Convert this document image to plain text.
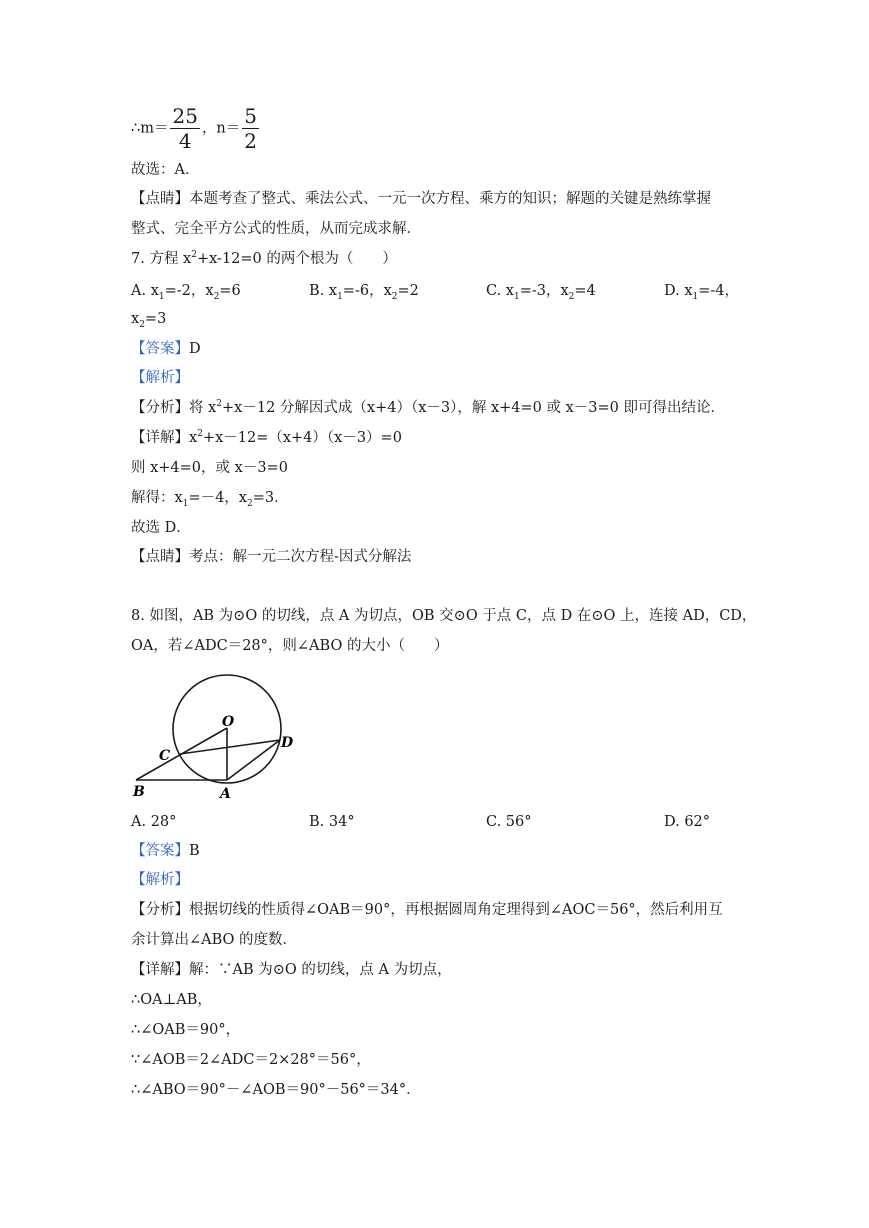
∴m＝ $\frac{25}{4}$ ，$n= \frac{5}{2}$
故选：A．
【点睛】本题考查了整式、乘法公式、一元一次方程、乘方的知识；解题的关键是熟练掌握
整式、完全平方公式的性质，从而完成求解．
7. 方程 $x^2+x-12=0$ 的两个根为（　　）
A. $x_1=-2$，$x_2=6$	B. $x_1=-6$，$x_2=2$	C. $x_1=-3$，$x_2=4$	D. $x_1=-4$，
$x_2=3$
【答案】D
【解析】
【分析】将 $x^2+x-12$ 分解因式成（x+4）（x－3），解 x+4=0 或 x－3=0 即可得出结论．
【详解】$x^2+x-12=(x+4)(x-3)=0$
则 x+4=0，或 x－3=0
解得：$x_1=-4$，$x_2=3$．
故选 D．
【点睛】考点：解一元二次方程-因式分解法
8. 如图，AB 为⊙O 的切线，点 A 为切点，OB 交⊙O 于点 C，点 D 在⊙O 上，连接 AD，CD，
OA，若∠ADC＝28°，则∠ABO 的大小（　　）
O
C
D
B	A
A. 28°	B. 34°	C. 56°	D. 62°
【答案】B
【解析】
【分析】根据切线的性质得∠OAB＝90°，再根据圆周角定理得到∠AOC＝56°，然后利用互
余计算出∠ABO 的度数．
【详解】解：∵AB 为⊙O 的切线，点 A 为切点，
∴OA⊥AB，
∴∠OAB＝90°，
∵∠AOB＝2∠ADC＝2×28°＝56°，
∴∠ABO＝90°－∠AOB＝90°－56°＝34°．
